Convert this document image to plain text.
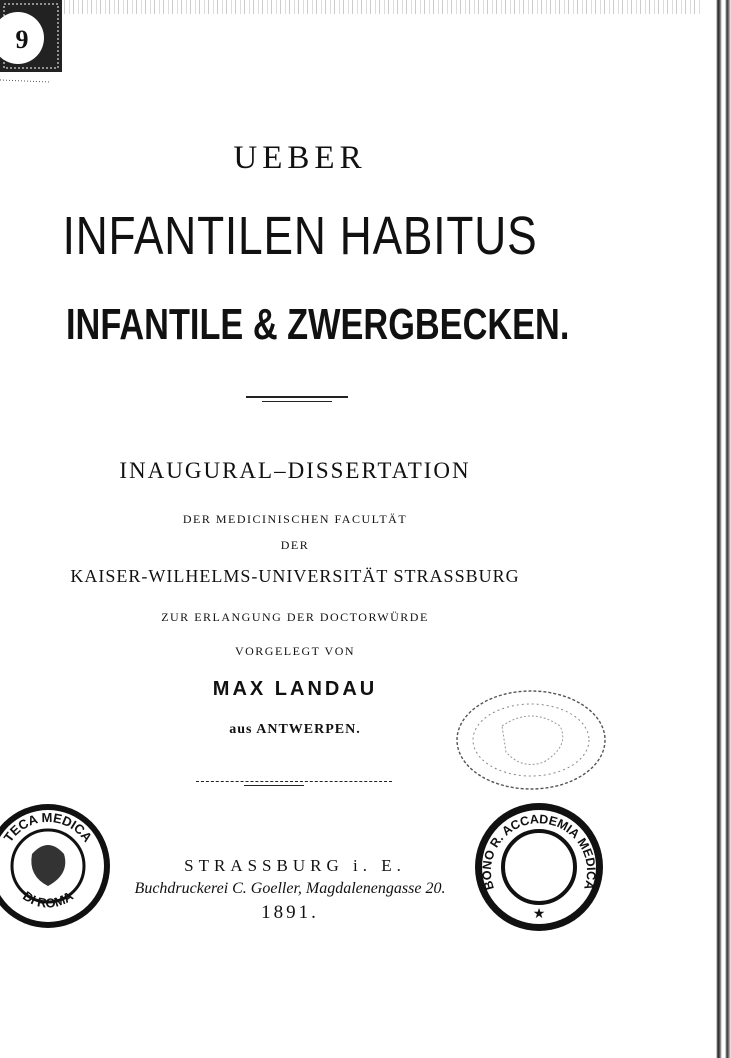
9
UEBER
INFANTILEN HABITUS
INFANTILE & ZWERGBECKEN.

INAUGURAL–DISSERTATION

DER MEDICINISCHEN FACULTÄT

DER

KAISER-WILHELMS-UNIVERSITÄT STRASSBURG

ZUR ERLANGUNG DER DOCTORWÜRDE

VORGELEGT VON

MAX LANDAU

aus ANTWERPEN.

STRASSBURG i. E.

Buchdruckerei C. Goeller, Magdalenengasse 20.

1891.

TECA MEDICA
DI ROMA
BONO R. ACCADEMIA MEDICA
★
